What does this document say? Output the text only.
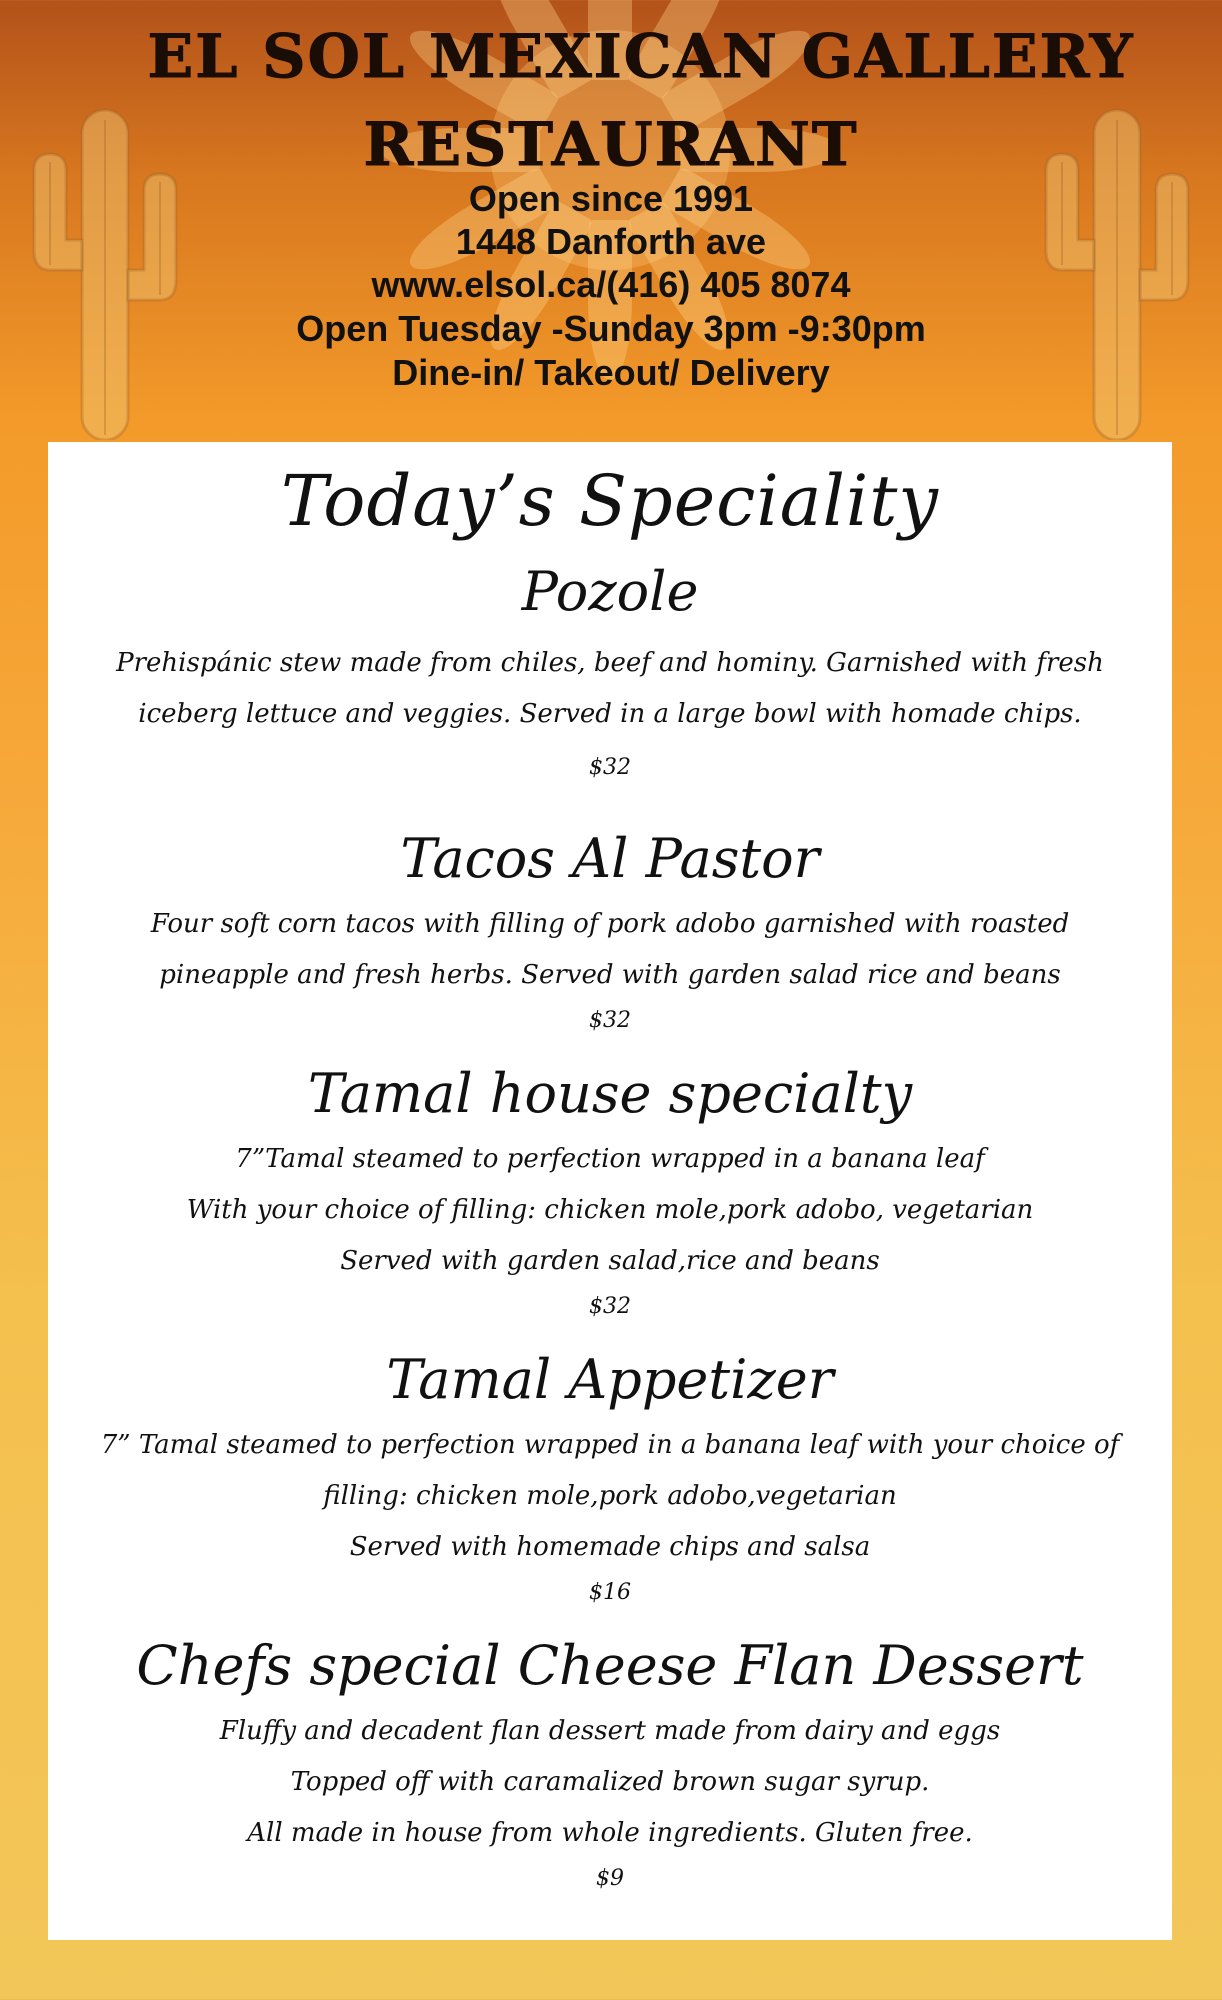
EL SOL MEXICAN GALLERY
RESTAURANT
Open since 1991
1448 Danforth ave
www.elsol.ca/(416) 405 8074
Open Tuesday -Sunday 3pm -9:30pm
Dine-in/ Takeout/ Delivery
Today’s Speciality
Pozole
Prehispánic stew made from chiles, beef and hominy. Garnished with fresh
iceberg lettuce and veggies. Served in a large bowl with homade chips.
$32
Tacos Al Pastor
Four soft corn tacos with filling of pork adobo garnished with roasted
pineapple and fresh herbs. Served with garden salad rice and beans
$32
Tamal house specialty
7”Tamal steamed to perfection wrapped in a banana leaf
With your choice of filling: chicken mole,pork adobo, vegetarian
Served with garden salad,rice and beans
$32
Tamal Appetizer
7” Tamal steamed to perfection wrapped in a banana leaf with your choice of
filling: chicken mole,pork adobo,vegetarian
Served with homemade chips and salsa
$16
Chefs special Cheese Flan Dessert
Fluffy and decadent flan dessert made from dairy and eggs
Topped off with caramalized brown sugar syrup.
All made in house from whole ingredients. Gluten free.
$9
